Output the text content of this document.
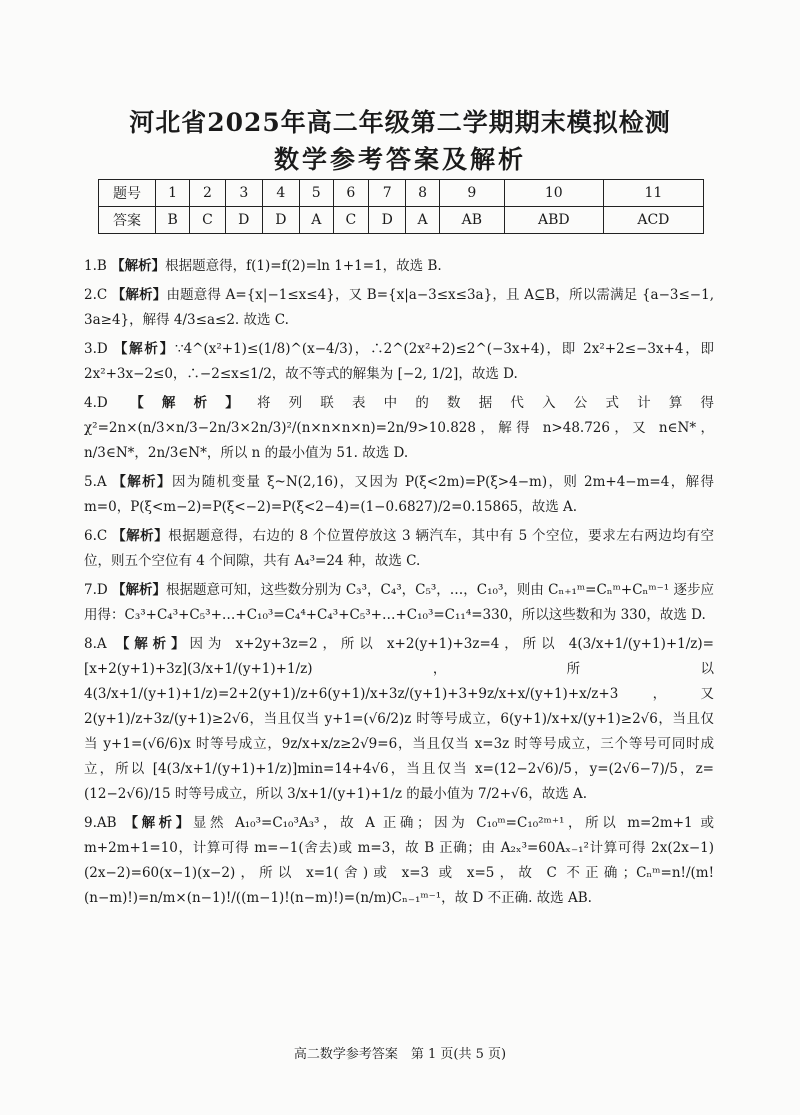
河北省2025年高二年级第二学期期末模拟检测
数学参考答案及解析
题号	1	2	3	4	5	6	7	8	9	10	11
答案	B	C	D	D	A	C	D	A	AB	ABD	ACD
1.B 【解析】根据题意得，f(1)=f(2)=ln 1+1=1，故选 B.
2.C 【解析】由题意得 A={x|−1≤x≤4}，又 B={x|a−3≤x≤3a}，且 A⊆B，所以需满足 {a−3≤−1, 3a≥4}，解得 4/3≤a≤2. 故选 C.
3.D 【解析】∵4^(x²+1)≤(1/8)^(x−4/3)，∴2^(2x²+2)≤2^(−3x+4)，即 2x²+2≤−3x+4，即 2x²+3x−2≤0，∴−2≤x≤1/2，故不等式的解集为 [−2, 1/2]，故选 D.
4.D 【解析】将列联表中的数据代入公式计算得 χ²=2n×(n/3×n/3−2n/3×2n/3)²/(n×n×n×n)=2n/9>10.828，解得 n>48.726，又 n∈N*，n/3∈N*，2n/3∈N*，所以 n 的最小值为 51. 故选 D.
5.A 【解析】因为随机变量 ξ~N(2,16)，又因为 P(ξ<2m)=P(ξ>4−m)，则 2m+4−m=4，解得 m=0，P(ξ<m−2)=P(ξ<−2)=P(ξ<2−4)=(1−0.6827)/2=0.15865，故选 A.
6.C 【解析】根据题意得，右边的 8 个位置停放这 3 辆汽车，其中有 5 个空位，要求左右两边均有空位，则五个空位有 4 个间隙，共有 A₄³=24 种，故选 C.
7.D 【解析】根据题意可知，这些数分别为 C₃³，C₄³，C₅³，…，C₁₀³，则由 Cₙ₊₁ᵐ=Cₙᵐ+Cₙᵐ⁻¹ 逐步应用得：C₃³+C₄³+C₅³+…+C₁₀³=C₄⁴+C₄³+C₅³+…+C₁₀³=C₁₁⁴=330，所以这些数和为 330，故选 D.
8.A 【解析】因为 x+2y+3z=2，所以 x+2(y+1)+3z=4，所以 4(3/x+1/(y+1)+1/z)=[x+2(y+1)+3z](3/x+1/(y+1)+1/z)，所以 4(3/x+1/(y+1)+1/z)=2+2(y+1)/z+6(y+1)/x+3z/(y+1)+3+9z/x+x/(y+1)+x/z+3，又 2(y+1)/z+3z/(y+1)≥2√6，当且仅当 y+1=(√6/2)z 时等号成立，6(y+1)/x+x/(y+1)≥2√6，当且仅当 y+1=(√6/6)x 时等号成立，9z/x+x/z≥2√9=6，当且仅当 x=3z 时等号成立，三个等号可同时成立，所以 [4(3/x+1/(y+1)+1/z)]min=14+4√6，当且仅当 x=(12−2√6)/5，y=(2√6−7)/5，z=(12−2√6)/15 时等号成立，所以 3/x+1/(y+1)+1/z 的最小值为 7/2+√6，故选 A.
9.AB 【解析】显然 A₁₀³=C₁₀³A₃³，故 A 正确；因为 C₁₀ᵐ=C₁₀²ᵐ⁺¹，所以 m=2m+1 或 m+2m+1=10，计算可得 m=−1(舍去)或 m=3，故 B 正确；由 A₂ₓ³=60Aₓ₋₁²计算可得 2x(2x−1)(2x−2)=60(x−1)(x−2)，所以 x=1(舍)或 x=3 或 x=5，故 C 不正确；Cₙᵐ=n!/(m!(n−m)!)=n/m×(n−1)!/((m−1)!(n−m)!)=(n/m)Cₙ₋₁ᵐ⁻¹，故 D 不正确. 故选 AB.
高二数学参考答案　第 1 页(共 5 页)
